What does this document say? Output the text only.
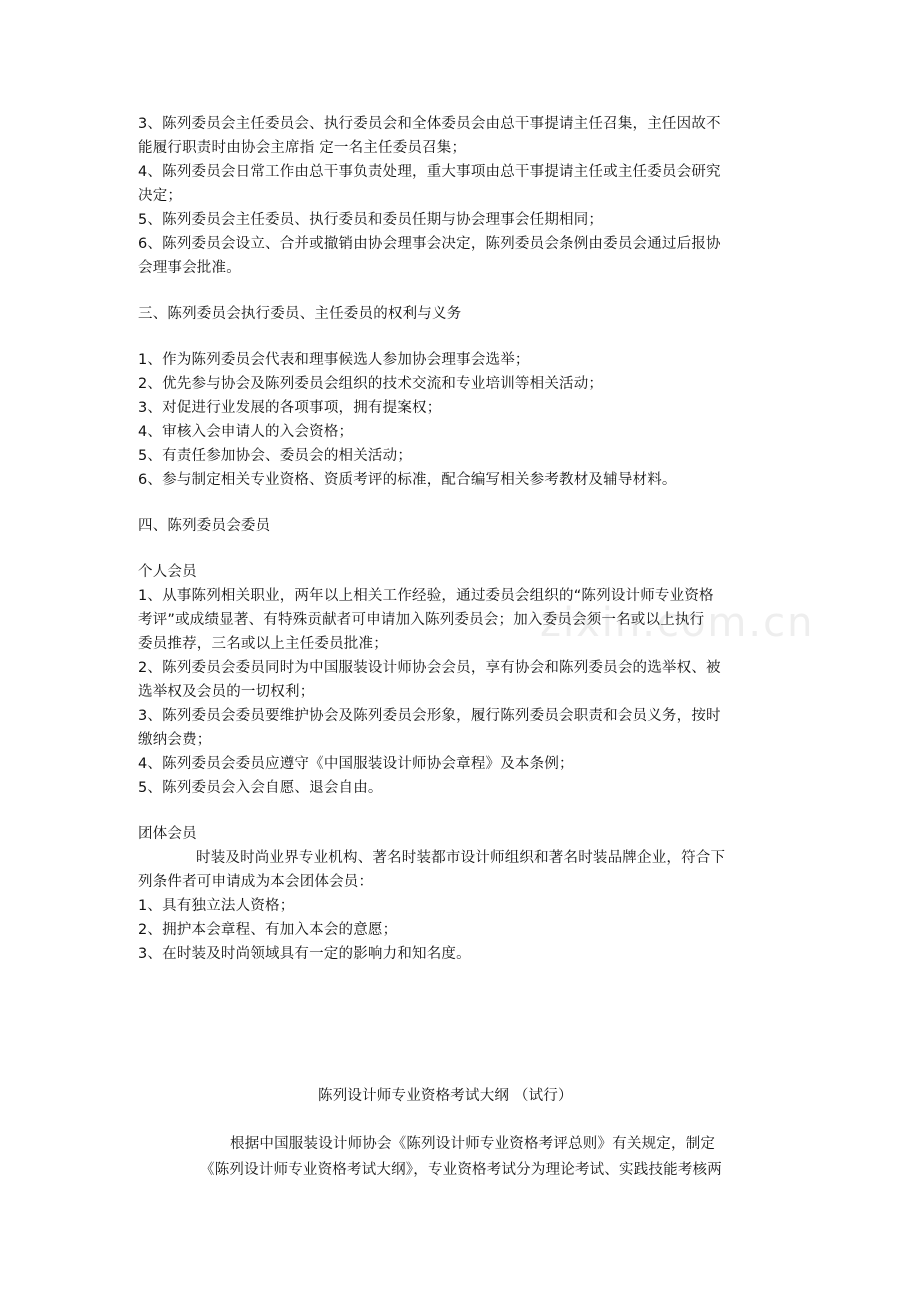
zixin.com.cn
3、陈列委员会主任委员会、执行委员会和全体委员会由总干事提请主任召集，主任因故不
能履行职责时由协会主席指 定一名主任委员召集；
4、陈列委员会日常工作由总干事负责处理，重大事项由总干事提请主任或主任委员会研究
决定；
5、陈列委员会主任委员、执行委员和委员任期与协会理事会任期相同；
6、陈列委员会设立、合并或撤销由协会理事会决定，陈列委员会条例由委员会通过后报协
会理事会批准。
三、陈列委员会执行委员、主任委员的权利与义务
1、作为陈列委员会代表和理事候选人参加协会理事会选举；
2、优先参与协会及陈列委员会组织的技术交流和专业培训等相关活动；
3、对促进行业发展的各项事项，拥有提案权；
4、审核入会申请人的入会资格；
5、有责任参加协会、委员会的相关活动；
6、参与制定相关专业资格、资质考评的标准，配合编写相关参考教材及辅导材料。
四、陈列委员会委员
个人会员
1、从事陈列相关职业，两年以上相关工作经验，通过委员会组织的“陈列设计师专业资格
考评”或成绩显著、有特殊贡献者可申请加入陈列委员会；加入委员会须一名或以上执行
委员推荐，三名或以上主任委员批准；
2、陈列委员会委员同时为中国服装设计师协会会员，享有协会和陈列委员会的选举权、被
选举权及会员的一切权利；
3、陈列委员会委员要维护协会及陈列委员会形象，履行陈列委员会职责和会员义务，按时
缴纳会费；
4、陈列委员会委员应遵守《中国服装设计师协会章程》及本条例；
5、陈列委员会入会自愿、退会自由。
团体会员
时装及时尚业界专业机构、著名时装都市设计师组织和著名时装品牌企业，符合下
列条件者可申请成为本会团体会员：
1、具有独立法人资格；
2、拥护本会章程、有加入本会的意愿；
3、在时装及时尚领域具有一定的影响力和知名度。
陈列设计师专业资格考试大纲 （试行）
根据中国服装设计师协会《陈列设计师专业资格考评总则》有关规定，制定
《陈列设计师专业资格考试大纲》，专业资格考试分为理论考试、实践技能考核两
